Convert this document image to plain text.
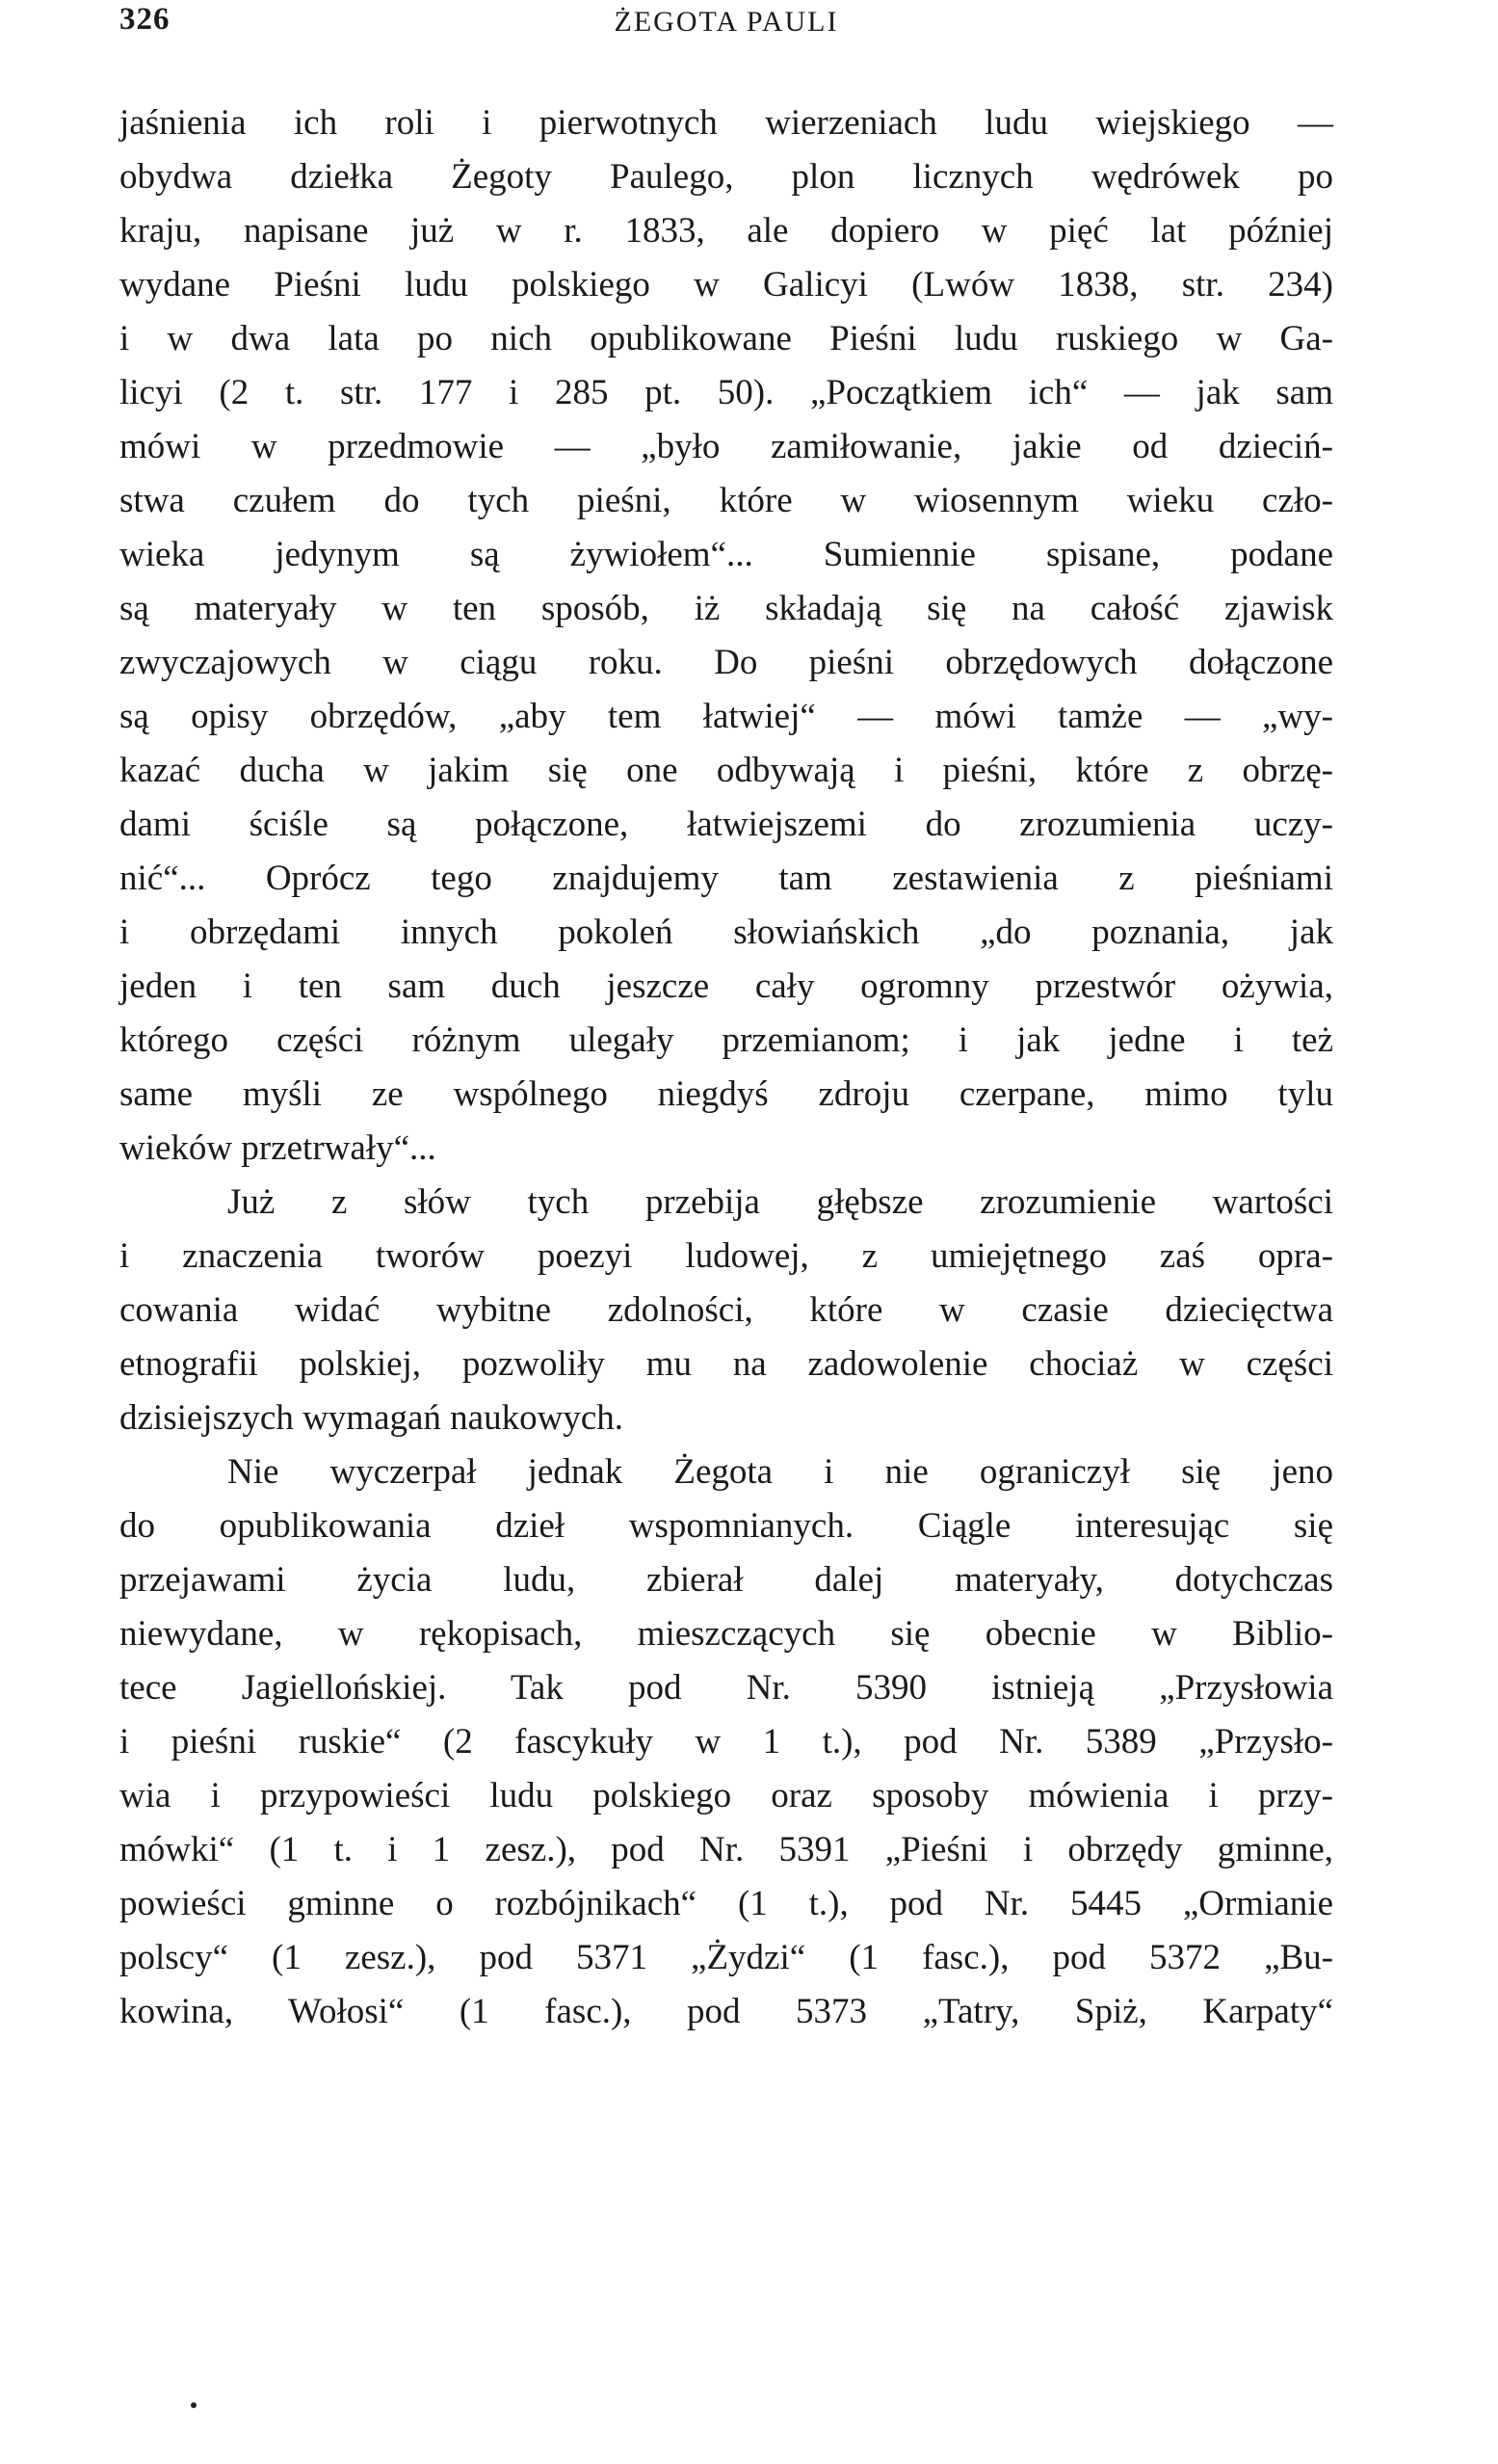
326	ŻEGOTA PAULI

jaśnienia ich roli i pierwotnych wierzeniach ludu wiejskiego —
obydwa dziełka Żegoty Paulego, plon licznych wędrówek po
kraju, napisane już w r. 1833, ale dopiero w pięć lat później
wydane Pieśni ludu polskiego w Galicyi (Lwów 1838, str. 234)
i w dwa lata po nich opublikowane Pieśni ludu ruskiego w Ga-
licyi (2 t. str. 177 i 285 pt. 50). „Początkiem ich“ — jak sam
mówi w przedmowie — „było zamiłowanie, jakie od dzieciń-
stwa czułem do tych pieśni, które w wiosennym wieku czło-
wieka jedynym są żywiołem“... Sumiennie spisane, podane
są materyały w ten sposób, iż składają się na całość zjawisk
zwyczajowych w ciągu roku. Do pieśni obrzędowych dołączone
są opisy obrzędów, „aby tem łatwiej“ — mówi tamże — „wy-
kazać ducha w jakim się one odbywają i pieśni, które z obrzę-
dami ściśle są połączone, łatwiejszemi do zrozumienia uczy-
nić“... Oprócz tego znajdujemy tam zestawienia z pieśniami
i obrzędami innych pokoleń słowiańskich „do poznania, jak
jeden i ten sam duch jeszcze cały ogromny przestwór ożywia,
którego części różnym ulegały przemianom; i jak jedne i też
same myśli ze wspólnego niegdyś zdroju czerpane, mimo tylu
wieków przetrwały“...

Już z słów tych przebija głębsze zrozumienie wartości
i znaczenia tworów poezyi ludowej, z umiejętnego zaś opra-
cowania widać wybitne zdolności, które w czasie dziecięctwa
etnografii polskiej, pozwoliły mu na zadowolenie chociaż w części
dzisiejszych wymagań naukowych.

Nie wyczerpał jednak Żegota i nie ograniczył się jeno
do opublikowania dzieł wspomnianych. Ciągle interesując się
przejawami życia ludu, zbierał dalej materyały, dotychczas
niewydane, w rękopisach, mieszczących się obecnie w Biblio-
tece Jagiellońskiej. Tak pod Nr. 5390 istnieją „Przysłowia
i pieśni ruskie“ (2 fascykuły w 1 t.), pod Nr. 5389 „Przysło-
wia i przypowieści ludu polskiego oraz sposoby mówienia i przy-
mówki“ (1 t. i 1 zesz.), pod Nr. 5391 „Pieśni i obrzędy gminne,
powieści gminne o rozbójnikach“ (1 t.), pod Nr. 5445 „Ormianie
polscy“ (1 zesz.), pod 5371 „Żydzi“ (1 fasc.), pod 5372 „Bu-
kowina, Wołosi“ (1 fasc.), pod 5373 „Tatry, Spiż, Karpaty“
